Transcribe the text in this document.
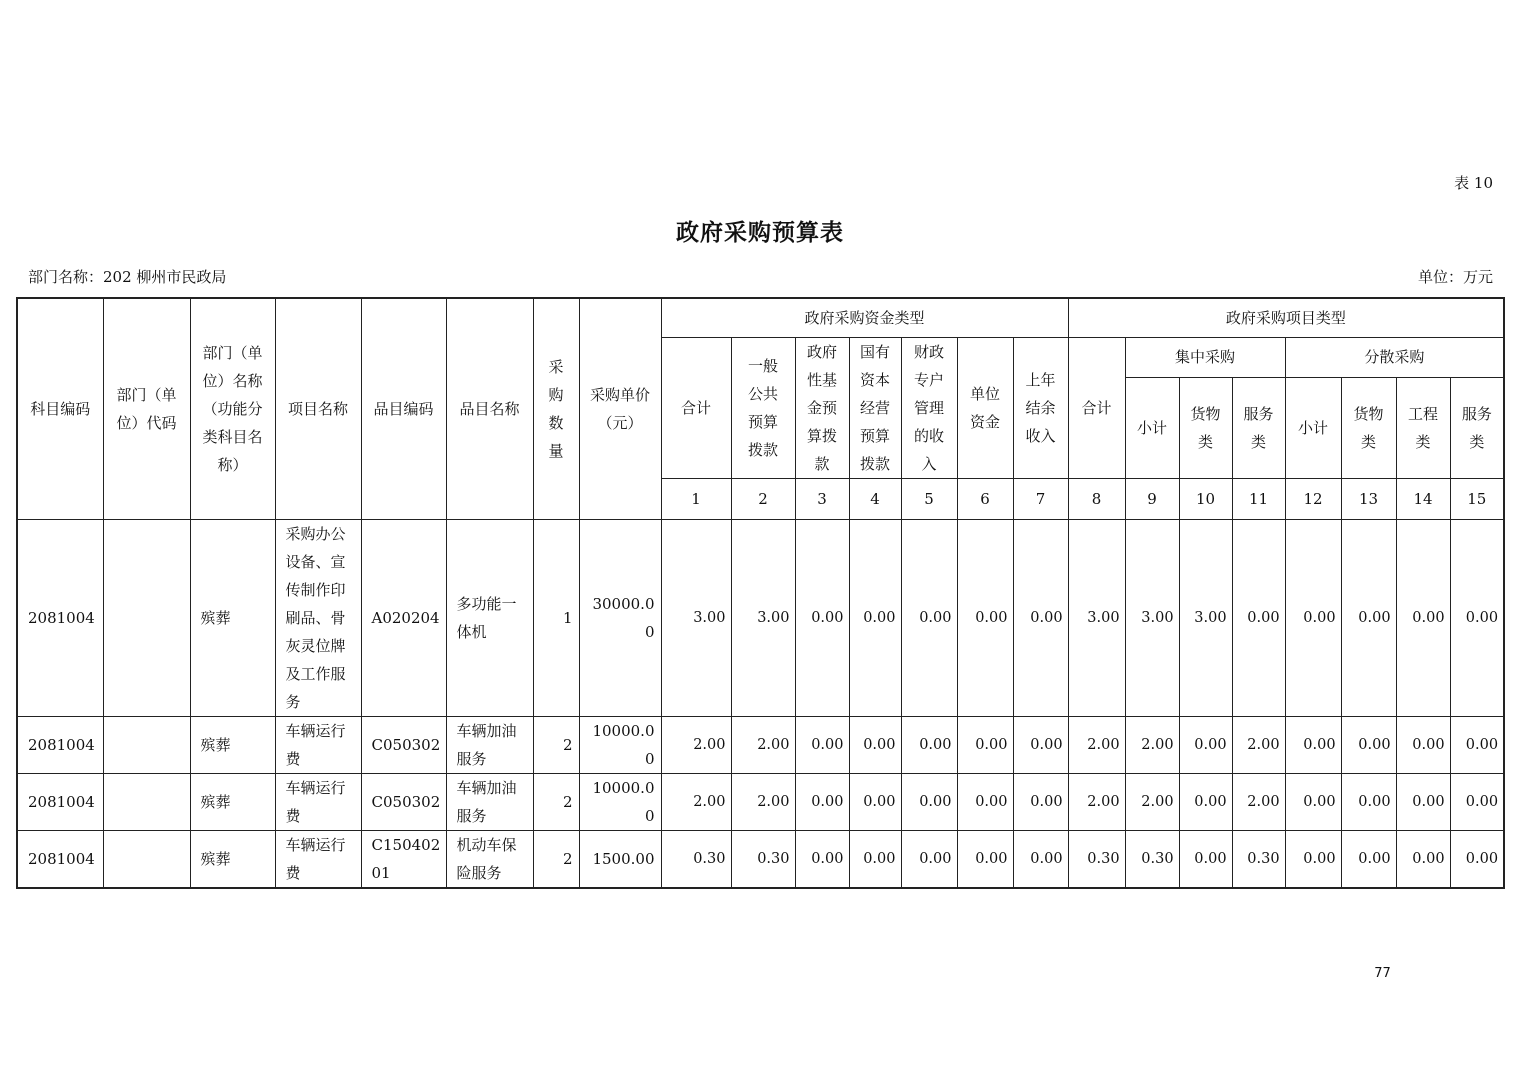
表 10
政府采购预算表
部门名称：202 柳州市民政局	单位：万元
科目编码	部门（单位）代码	部门（单位）名称（功能分类科目名称）	项目名称	品目编码	品目名称	采购数量	采购单价（元）	政府采购资金类型							政府采购项目类型							
								合计	一般公共预算拨款	政府性基金预算拨款	国有资本经营预算拨款	财政专户管理的收入	单位资金	上年结余收入	合计	集中采购			分散采购			
																小计	货物类	服务类	小计	货物类	工程类	服务类
								1	2	3	4	5	6	7	8	9	10	11	12	13	14	15
2081004		殡葬	采购办公设备、宣传制作印刷品、骨灰灵位牌及工作服务	A020204	多功能一体机	1	30000.00	3.00	3.00	0.00	0.00	0.00	0.00	0.00	3.00	3.00	3.00	0.00	0.00	0.00	0.00	0.00
2081004		殡葬	车辆运行费	C050302	车辆加油服务	2	10000.00	2.00	2.00	0.00	0.00	0.00	0.00	0.00	2.00	2.00	0.00	2.00	0.00	0.00	0.00	0.00
2081004		殡葬	车辆运行费	C050302	车辆加油服务	2	10000.00	2.00	2.00	0.00	0.00	0.00	0.00	0.00	2.00	2.00	0.00	2.00	0.00	0.00	0.00	0.00
2081004		殡葬	车辆运行费	C15040201	机动车保险服务	2	1500.00	0.30	0.30	0.00	0.00	0.00	0.00	0.00	0.30	0.30	0.00	0.30	0.00	0.00	0.00	0.00
77
